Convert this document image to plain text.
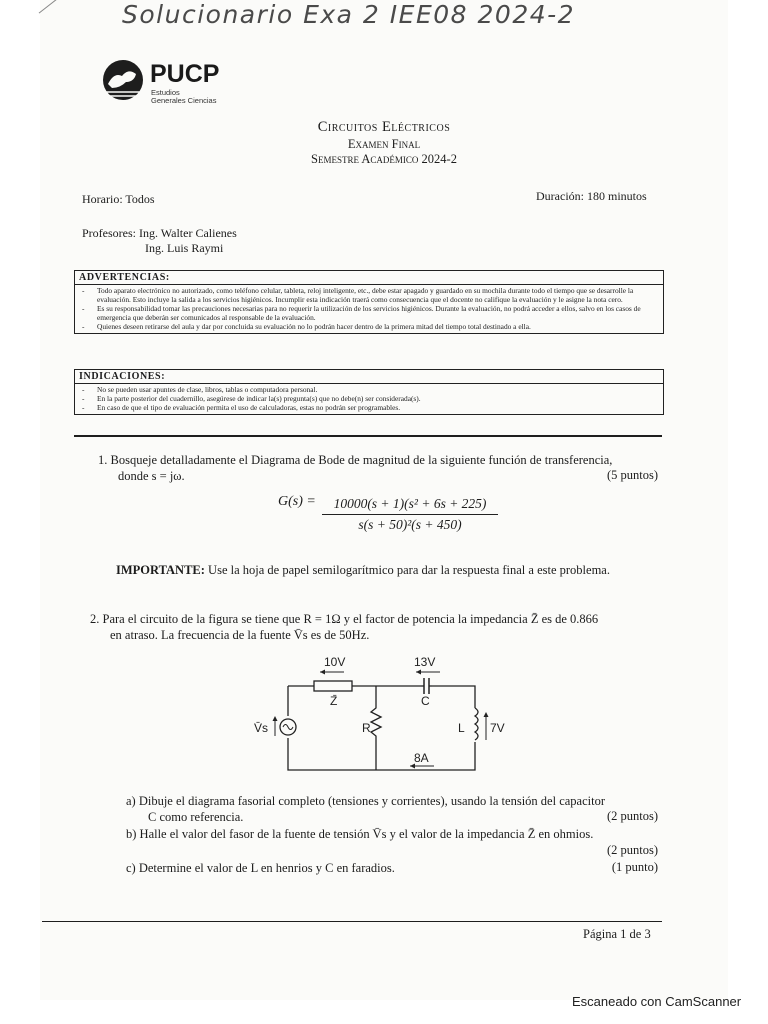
Solucionario Exa 2 IEE08 2024-2
PUCP
Estudios
Generales Ciencias
Circuitos Eléctricos
Examen Final
Semestre Académico 2024-2
Horario: Todos	Duración: 180 minutos
Profesores: Ing. Walter Calienes
Ing. Luis Raymi
ADVERTENCIAS:
- Todo aparato electrónico no autorizado, como teléfono celular, tableta, reloj inteligente, etc., debe estar apagado y guardado en su mochila durante todo el tiempo que se desarrolle la evaluación. Esto incluye la salida a los servicios higiénicos. Incumplir esta indicación traerá como consecuencia que el docente no califique la evaluación y le asigne la nota cero.
- Es su responsabilidad tomar las precauciones necesarias para no requerir la utilización de los servicios higiénicos. Durante la evaluación, no podrá acceder a ellos, salvo en los casos de emergencia que deberán ser comunicados al responsable de la evaluación.
- Quienes deseen retirarse del aula y dar por concluida su evaluación no lo podrán hacer dentro de la primera mitad del tiempo total destinado a ella.
INDICACIONES:
- No se pueden usar apuntes de clase, libros, tablas o computadora personal.
- En la parte posterior del cuadernillo, asegúrese de indicar la(s) pregunta(s) que no debe(n) ser considerada(s).
- En caso de que el tipo de evaluación permita el uso de calculadoras, estas no podrán ser programables.
1. Bosqueje detalladamente el Diagrama de Bode de magnitud de la siguiente función de transferencia,
donde s = jω.	(5 puntos)
$G(s) = \frac{\text{10000(s + 1)(s² + 6s + 225)}}{\text{s(s + 50)²(s + 450)}}$
IMPORTANTE: Use la hoja de papel semilogarítmico para dar la respuesta final a este problema.
2. Para el circuito de la figura se tiene que R = 1Ω y el factor de potencia la impedancia Z̄ es de 0.866
en atraso. La frecuencia de la fuente V̄s es de 50Hz.
10V
Z̄
13V
C
V̄s	R	L 7V
8A
a) Dibuje el diagrama fasorial completo (tensiones y corrientes), usando la tensión del capacitor
C como referencia.	(2 puntos)
b) Halle el valor del fasor de la fuente de tensión V̄s y el valor de la impedancia Z̄ en ohmios.
(2 puntos)
c) Determine el valor de L en henrios y C en faradios.	(1 punto)
Página 1 de 3
Escaneado con CamScanner
